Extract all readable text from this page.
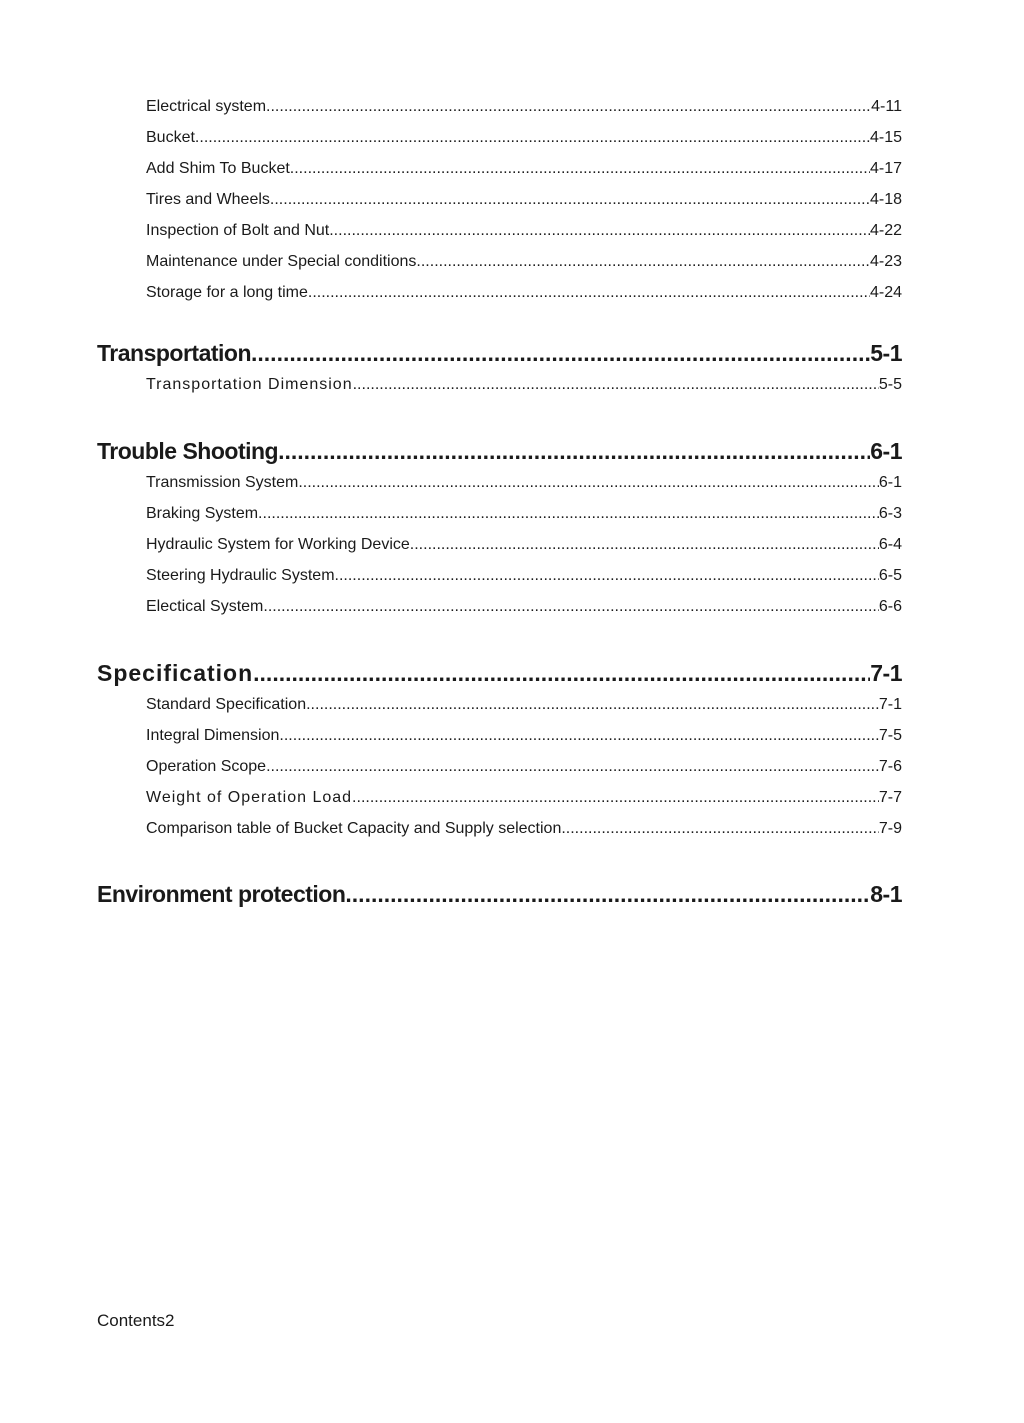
Electrical system .....	4-11
Bucket .....	4-15
Add Shim To Bucket .....	4-17
Tires and Wheels .....	4-18
Inspection of Bolt and Nut .....	4-22
Maintenance under Special conditions .....	4-23
Storage for a long time .....	4-24
Transportation .....	5-1
Transportation Dimension .....	5-5
Trouble Shooting .....	6-1
Transmission System .....	6-1
Braking System .....	6-3
Hydraulic System for Working Device .....	6-4
Steering Hydraulic System .....	6-5
Electical System .....	6-6
Specification .....	7-1
Standard Specification .....	7-1
Integral Dimension .....	7-5
Operation Scope .....	7-6
Weight of Operation Load .....	7-7
Comparison table of Bucket Capacity and Supply selection .....	7-9
Environment protection .....	8-1
Contents2
